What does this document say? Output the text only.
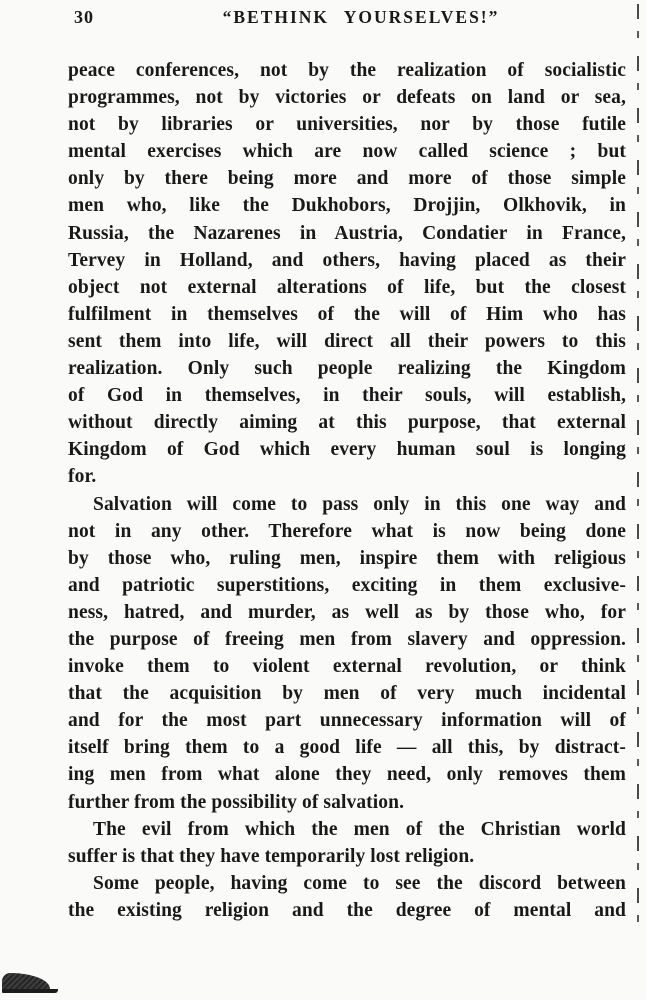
30	“BETHINK YOURSELVES!”
peace conferences, not by the realization of socialistic
programmes, not by victories or defeats on land or sea,
not by libraries or universities, nor by those futile
mental exercises which are now called science ; but
only by there being more and more of those simple
men who, like the Dukhobors, Drojjin, Olkhovik, in
Russia, the Nazarenes in Austria, Condatier in France,
Tervey in Holland, and others, having placed as their
object not external alterations of life, but the closest
fulfilment in themselves of the will of Him who has
sent them into life, will direct all their powers to this
realization. Only such people realizing the Kingdom
of God in themselves, in their souls, will establish,
without directly aiming at this purpose, that external
Kingdom of God which every human soul is longing
for.
Salvation will come to pass only in this one way and
not in any other. Therefore what is now being done
by those who, ruling men, inspire them with religious
and patriotic superstitions, exciting in them exclusive-
ness, hatred, and murder, as well as by those who, for
the purpose of freeing men from slavery and oppression.
invoke them to violent external revolution, or think
that the acquisition by men of very much incidental
and for the most part unnecessary information will of
itself bring them to a good life — all this, by distract-
ing men from what alone they need, only removes them
further from the possibility of salvation.
The evil from which the men of the Christian world
suffer is that they have temporarily lost religion.
Some people, having come to see the discord between
the existing religion and the degree of mental and
